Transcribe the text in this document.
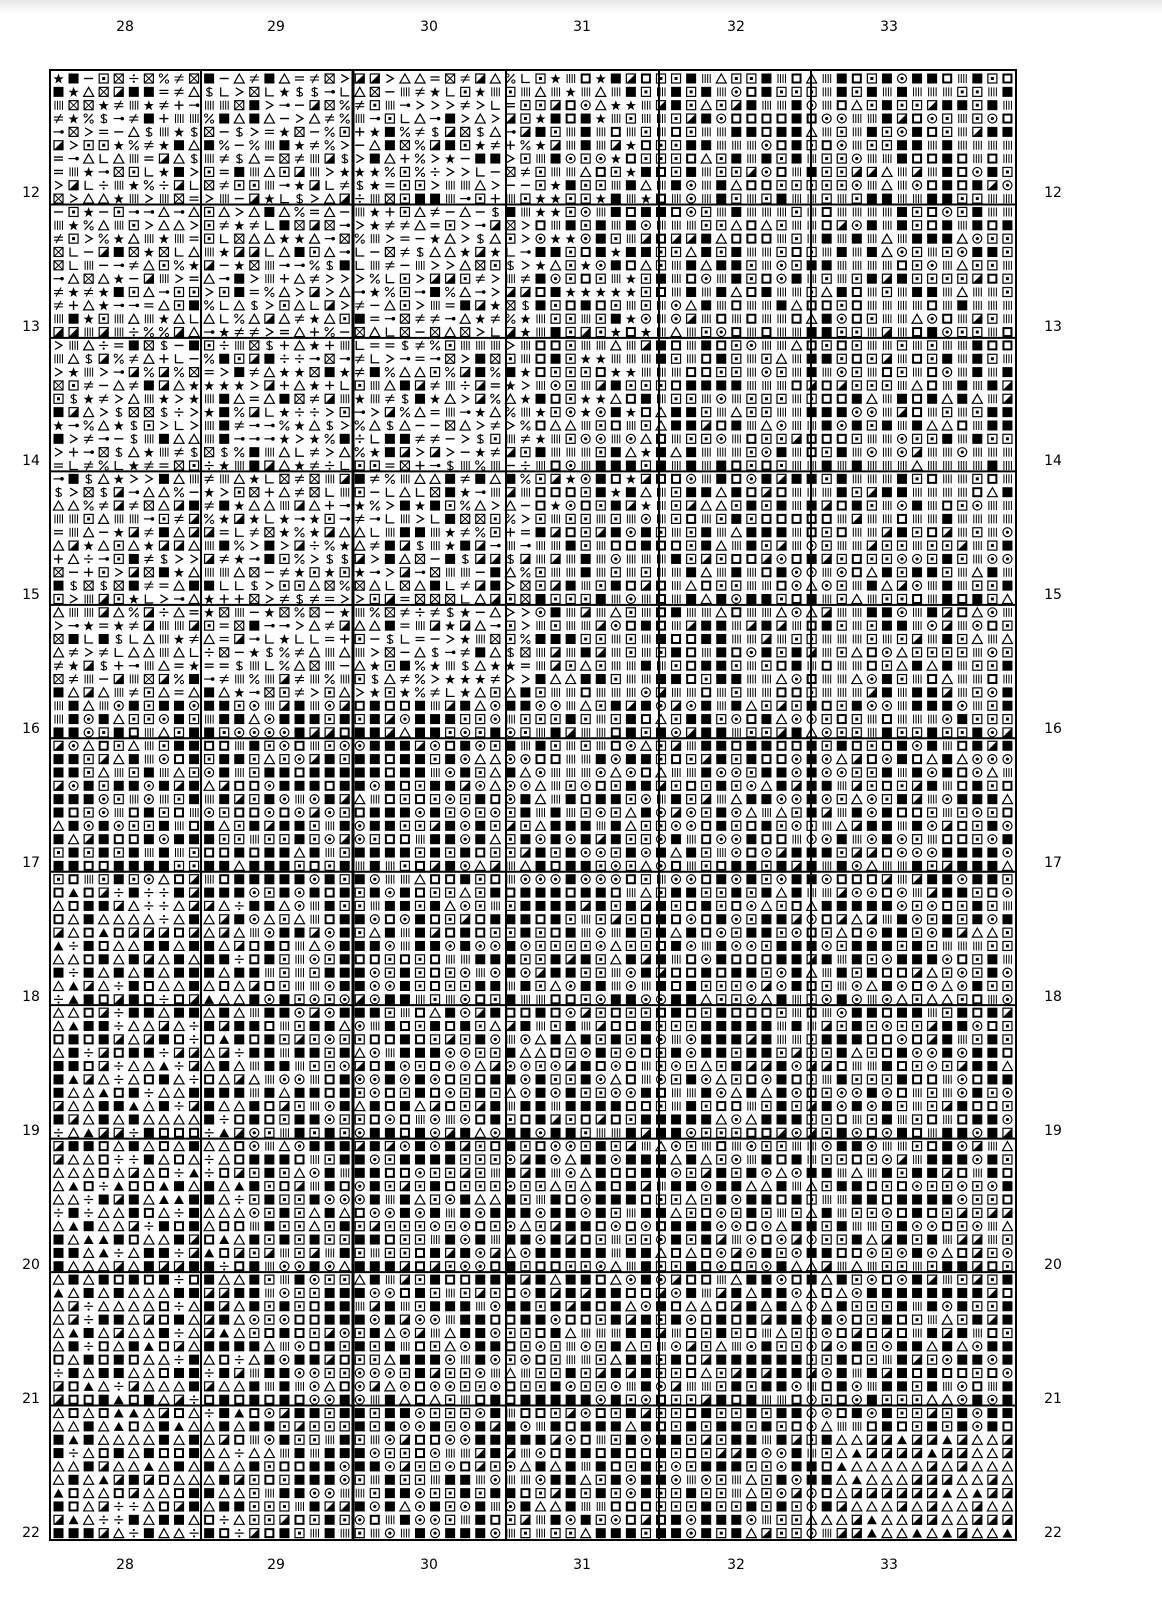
28	29	30	31	32	33
28	29	30	31	32	33
12
13
14
15
16
17
18
19
20
21
22
12
13
14
15
16
17
18
19
20
21
22
